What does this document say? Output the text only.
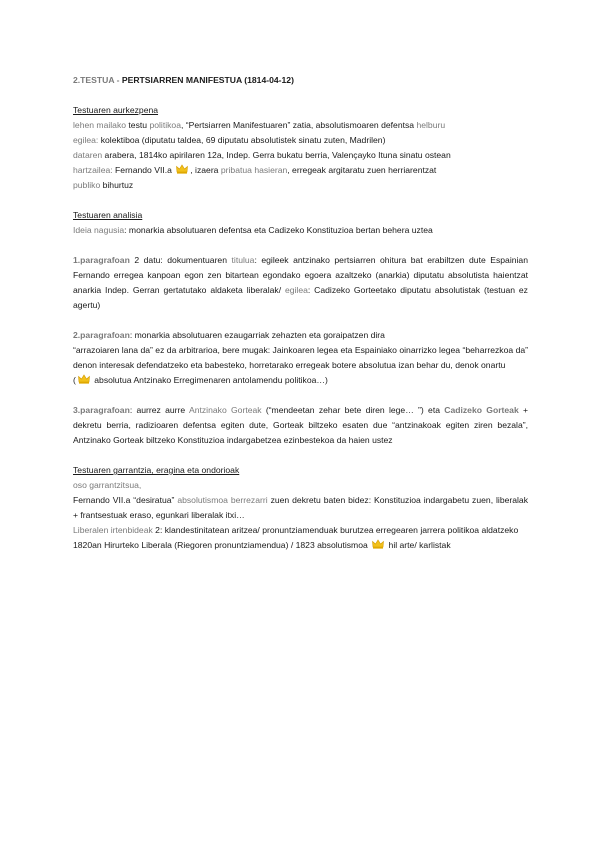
2.TESTUA - PERTSIARREN MANIFESTUA (1814-04-12)

Testuaren aurkezpena

lehen mailako testu politikoa, “Pertsiarren Manifestuaren” zatia, absolutismoaren defentsa helburu

egilea: kolektiboa (diputatu taldea, 69 diputatu absolutistek sinatu zuten, Madrilen)

dataren arabera, 1814ko apirilaren 12a, Indep. Gerra bukatu berria, Valençayko Ituna sinatu ostean

hartzailea: Fernando VII.a
, izaera pribatua hasieran, erregeak argitaratu zuen herriarentzat

publiko bihurtuz

Testuaren analisia

Ideia nagusia: monarkia absolutuaren defentsa eta Cadizeko Konstituzioa bertan behera uztea

1.paragrafoan 2 datu: dokumentuaren titulua: egileek antzinako pertsiarren ohitura bat erabiltzen dute Espainian Fernando erregea kanpoan egon zen bitartean egondako egoera azaltzeko (anarkia) diputatu absolutista haientzat anarkia Indep. Gerran gertatutako aldaketa liberalak/ egilea: Cadizeko Gorteetako diputatu absolutistak (testuan ez agertu)

2.paragrafoan: monarkia absolutuaren ezaugarriak zehazten eta goraipatzen dira

“arrazoiaren lana da” ez da arbitrarioa, bere mugak: Jainkoaren legea eta Espainiako oinarrizko legea “beharrezkoa da” denon interesak defendatzeko eta babesteko, horretarako erregeak botere absolutua izan behar du, denok onartu

(
absolutua Antzinako Erregimenaren antolamendu politikoa…)

3.paragrafoan: aurrez aurre Antzinako Gorteak (“mendeetan zehar bete diren lege… ”) eta Cadizeko Gorteak + dekretu berria, radizioaren defentsa egiten dute, Gorteak biltzeko esaten due “antzinakoak egiten ziren bezala”, Antzinako Gorteak biltzeko Konstituzioa indargabetzea ezinbestekoa da haien ustez

Testuaren garrantzia, eragina eta ondorioak

oso garrantzitsua,

Fernando VII.a “desiratua” absolutismoa berrezarri zuen dekretu baten bidez: Konstituzioa indargabetu zuen, liberalak + frantsestuak eraso, egunkari liberalak itxi…

Liberalen irtenbideak 2: klandestinitatean aritzea/ pronuntziamenduak burutzea erregearen jarrera politikoa aldatzeko

1820an Hirurteko Liberala (Riegoren pronuntziamendua) / 1823 absolutismoa
hil arte/ karlistak
